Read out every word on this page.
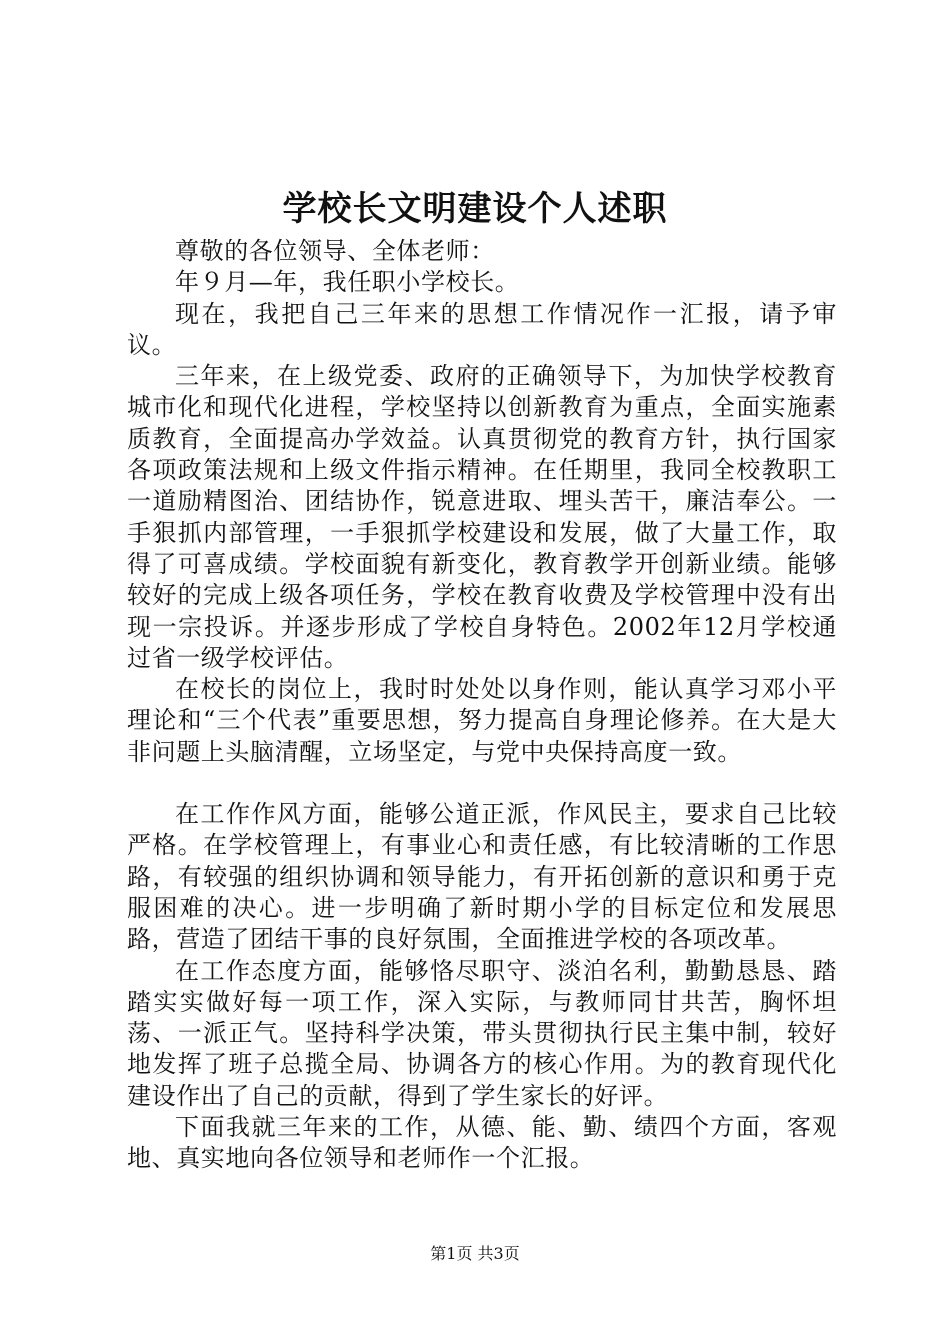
学校长文明建设个人述职

尊敬的各位领导、全体老师：

年９月—年，我任职小学校长。

现在，我把自己三年来的思想工作情况作一汇报，请予审议。

三年来，在上级党委、政府的正确领导下，为加快学校教育城市化和现代化进程，学校坚持以创新教育为重点，全面实施素质教育，全面提高办学效益。认真贯彻党的教育方针，执行国家各项政策法规和上级文件指示精神。在任期里，我同全校教职工一道励精图治、团结协作，锐意进取、埋头苦干，廉洁奉公。一手狠抓内部管理，一手狠抓学校建设和发展，做了大量工作，取得了可喜成绩。学校面貌有新变化，教育教学开创新业绩。能够较好的完成上级各项任务，学校在教育收费及学校管理中没有出现一宗投诉。并逐步形成了学校自身特色。2002年12月学校通过省一级学校评估。

在校长的岗位上，我时时处处以身作则，能认真学习邓小平理论和“三个代表”重要思想，努力提高自身理论修养。在大是大非问题上头脑清醒，立场坚定，与党中央保持高度一致。

在工作作风方面，能够公道正派，作风民主，要求自己比较严格。在学校管理上，有事业心和责任感，有比较清晰的工作思路，有较强的组织协调和领导能力，有开拓创新的意识和勇于克服困难的决心。进一步明确了新时期小学的目标定位和发展思路，营造了团结干事的良好氛围，全面推进学校的各项改革。

在工作态度方面，能够恪尽职守、淡泊名利，勤勤恳恳、踏踏实实做好每一项工作，深入实际，与教师同甘共苦，胸怀坦荡、一派正气。坚持科学决策，带头贯彻执行民主集中制，较好地发挥了班子总揽全局、协调各方的核心作用。为的教育现代化建设作出了自己的贡献，得到了学生家长的好评。

下面我就三年来的工作，从德、能、勤、绩四个方面，客观地、真实地向各位领导和老师作一个汇报。

第1页 共3页
